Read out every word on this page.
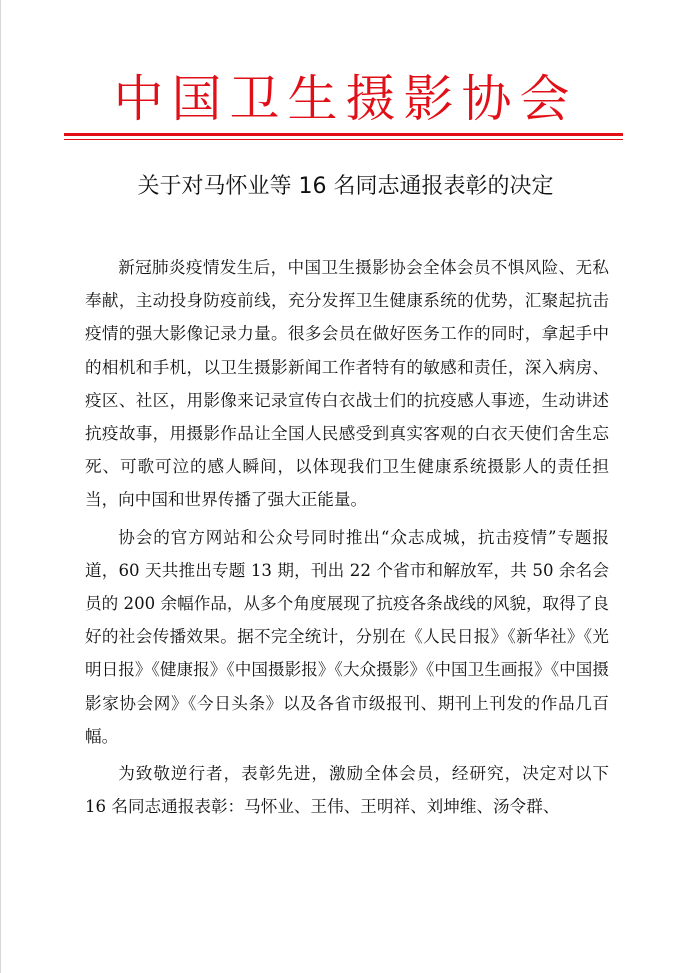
中国卫生摄影协会
关于对马怀业等 16 名同志通报表彰的决定

新冠肺炎疫情发生后，中国卫生摄影协会全体会员不惧风险、无私奉献，主动投身防疫前线，充分发挥卫生健康系统的优势，汇聚起抗击疫情的强大影像记录力量。很多会员在做好医务工作的同时，拿起手中的相机和手机，以卫生摄影新闻工作者特有的敏感和责任，深入病房、疫区、社区，用影像来记录宣传白衣战士们的抗疫感人事迹，生动讲述抗疫故事，用摄影作品让全国人民感受到真实客观的白衣天使们舍生忘死、可歌可泣的感人瞬间，以体现我们卫生健康系统摄影人的责任担当，向中国和世界传播了强大正能量。

协会的官方网站和公众号同时推出“众志成城，抗击疫情”专题报道，60 天共推出专题 13 期，刊出 22 个省市和解放军，共 50 余名会员的 200 余幅作品，从多个角度展现了抗疫各条战线的风貌，取得了良好的社会传播效果。据不完全统计，分别在《人民日报》《新华社》《光明日报》《健康报》《中国摄影报》《大众摄影》《中国卫生画报》《中国摄影家协会网》《今日头条》以及各省市级报刊、期刊上刊发的作品几百幅。

为致敬逆行者，表彰先进，激励全体会员，经研究，决定对以下 16 名同志通报表彰：马怀业、王伟、王明祥、刘坤维、汤令群、
